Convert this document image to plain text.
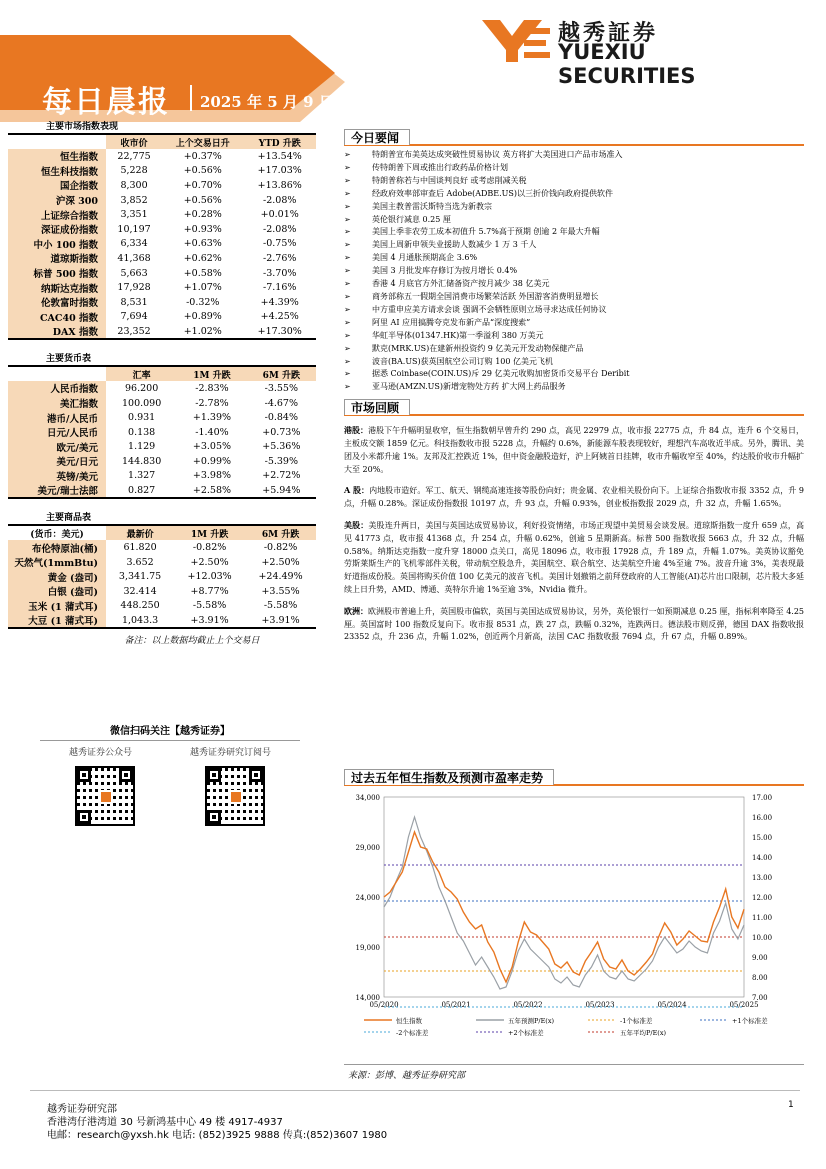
每日晨报 2025 年 5 月 9 日
越秀証券
YUEXIU SECURITIES
主要市场指数表现
	收市价	上个交易日升	YTD 升跌
恒生指数	22,775	+0.37%	+13.54%
恒生科技指数	5,228	+0.56%	+17.03%
国企指数	8,300	+0.70%	+13.86%
沪深 300	3,852	+0.56%	-2.08%
上证综合指数	3,351	+0.28%	+0.01%
深证成份指数	10,197	+0.93%	-2.08%
中小 100 指数	6,334	+0.63%	-0.75%
道琼斯指数	41,368	+0.62%	-2.76%
标普 500 指数	5,663	+0.58%	-3.70%
纳斯达克指数	17,928	+1.07%	-7.16%
伦敦富时指数	8,531	-0.32%	+4.39%
CAC40 指数	7,694	+0.89%	+4.25%
DAX 指数	23,352	+1.02%	+17.30%
主要货币表
	汇率	1M 升跌	6M 升跌
人民币指数	96.200	-2.83%	-3.55%
美汇指数	100.090	-2.78%	-4.67%
港币/人民币	0.931	+1.39%	-0.84%
日元/人民币	0.138	-1.40%	+0.73%
欧元/美元	1.129	+3.05%	+5.36%
美元/日元	144.830	+0.99%	-5.39%
英镑/美元	1.327	+3.98%	+2.72%
美元/瑞士法郎	0.827	+2.58%	+5.94%
主要商品表
(货币：美元)	最新价	1M 升跌	6M 升跌
布伦特原油(桶)	61.820	-0.82%	-0.82%
天然气(1mmBtu)	3.652	+2.50%	+2.50%
黄金 (盎司)	3,341.75	+12.03%	+24.49%
白银 (盎司)	32.414	+8.77%	+3.55%
玉米 (1 蒲式耳)	448.250	-5.58%	-5.58%
大豆 (1 蒲式耳)	1,043.3	+3.91%	+3.91%
备注：以上数据均截止上个交易日
微信扫码关注【越秀证券】
越秀证券公众号	越秀证券研究订阅号
今日要闻
➢ 特朗普宣布美英达成突破性贸易协议 英方将扩大美国进口产品市场准入
➢ 传特朗普下周或推出行政药品价格计划
➢ 特朗普称若与中国谈判良好 或考虑削减关税
➢ 经政府效率部审查后 Adobe(ADBE.US)以三折价钱向政府提供软件
➢ 美国主教普雷沃斯特当选为新教宗
➢ 英伦银行减息 0.25 厘
➢ 美国上季非农劳工成本初值升 5.7%高于预期 创逾 2 年最大升幅
➢ 美国上周新申领失业援助人数减少 1 万 3 千人
➢ 美国 4 月通胀预期高企 3.6%
➢ 美国 3 月批发库存修订为按月增长 0.4%
➢ 香港 4 月底官方外汇储备资产按月减少 38 亿美元
➢ 商务部称五一假期全国消费市场繁荣活跃 外国游客消费明显增长
➢ 中方重申应美方请求会谈 强调不会牺牲原则立场寻求达成任何协议
➢ 阿里 AI 应用搞腾夸克发布新产品“深度搜索”
➢ 华虹半导体(01347.HK)第一季溢利 380 万美元
➢ 默克(MRK.US)在建新州投资约 9 亿美元开发动物保健产品
➢ 波音(BA.US)获英国航空公司订购 100 亿美元飞机
➢ 据悉 Coinbase(COIN.US)斥 29 亿美元收购加密货币交易平台 Deribit
➢ 亚马逊(AMZN.US)新增宠物处方药 扩大网上药品服务
市场回顾
港股：港股下午升幅明显收窄，恒生指数朝早曾升约 290 点，高见 22979 点，收市报 22775 点，升 84 点，连升 6 个交易日，主板成交额 1859 亿元。科技指数收市报 5228 点，升幅约 0.6%，新能源车股表现较好，理想汽车高收近半成。另外，腾讯、美团及小米都升逾 1%。友邦及汇控跌近 1%，但中资金融股造好，沪上阿姨首日挂牌，收市升幅收窄至 40%，约达股价收市升幅扩大至 20%。
A 股：内地股市造好。军工、航天、钢缆高速连接等股份向好；贵金属、农业相关股份向下。上证综合指数收市报 3352 点，升 9 点，升幅 0.28%。深证成份指数报 10197 点，升 93 点，升幅 0.93%，创业板指数报 2029 点，升 32 点，升幅 1.65%。
美股：美股连升两日，美国与英国达成贸易协议，利好投资情绪，市场正现望中美贸易会谈发展。道琼斯指数一度升 659 点，高见 41773 点，收市报 41368 点，升 254 点，升幅 0.62%，创逾 5 星期新高。标普 500 指数收报 5663 点，升 32 点，升幅 0.58%。纳斯达克指数一度升穿 18000 点关口，高见 18096 点，收市报 17928 点，升 189 点，升幅 1.07%。美英协议豁免劳斯莱斯生产的飞机零部件关税，带动航空股急升，美国航空、联合航空、达美航空升逾 4%至逾 7%。波音升逾 3%，美表现最好道指成份股。英国将购买价值 100 亿美元的波音飞机。美国计划撤销之前拜登政府的人工智能(AI)芯片出口限制，芯片股大多延续上日升势，AMD、博通、英特尔升逾 1%至逾 3%，Nvidia 微升。
欧洲：欧洲股市普遍上升，英国股市偏软，英国与美国达成贸易协议，另外，英伦银行一如预期减息 0.25 厘，指标利率降至 4.25 厘。英国富时 100 指数反复向下。收市报 8531 点，跌 27 点，跌幅 0.32%，连跌两日。德法股市则反弹，德国 DAX 指数收报 23352 点，升 236 点，升幅 1.02%，创近两个月新高，法国 CAC 指数收报 7694 点，升 67 点，升幅 0.89%。
过去五年恒生指数及预测市盈率走势
14,000
19,000
24,000
29,000
34,000
7.00
8.00
9.00
10.00
11.00
12.00
13.00
14.00
15.00
16.00
17.00
05/2020	05/2021	05/2022	05/2023	05/2024	05/2025
恒生指数	五年预测P/E(x)	-1个标准差	+1个标准差
-2个标准差	+2个标准差	五年平均P/E(x)
来源：彭博、越秀证券研究部
越秀证券研究部
香港湾仔港湾道 30 号新鸿基中心 49 楼 4917-4937
电邮：research@yxsh.hk 电话: (852)3925 9888 传真:(852)3607 1980
1
